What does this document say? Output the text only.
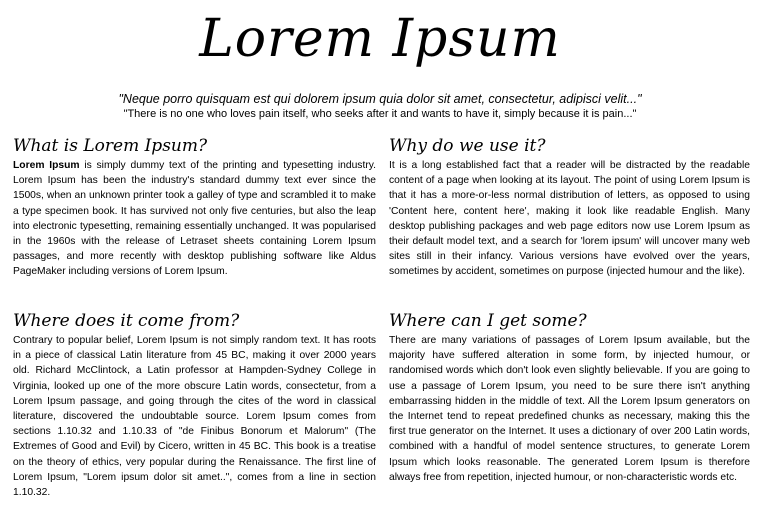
Lorem Ipsum

"Neque porro quisquam est qui dolorem ipsum quia dolor sit amet, consectetur, adipisci velit..."

"There is no one who loves pain itself, who seeks after it and wants to have it, simply because it is pain..."

What is Lorem Ipsum?

Lorem Ipsum is simply dummy text of the printing and typesetting industry. Lorem Ipsum has been the industry's standard dummy text ever since the 1500s, when an unknown printer took a galley of type and scrambled it to make a type specimen book. It has survived not only five centuries, but also the leap into electronic typesetting, remaining essentially unchanged. It was popularised in the 1960s with the release of Letraset sheets containing Lorem Ipsum passages, and more recently with desktop publishing software like Aldus PageMaker including versions of Lorem Ipsum.

Why do we use it?

It is a long established fact that a reader will be distracted by the readable content of a page when looking at its layout. The point of using Lorem Ipsum is that it has a more-or-less normal distribution of letters, as opposed to using 'Content here, content here', making it look like readable English. Many desktop publishing packages and web page editors now use Lorem Ipsum as their default model text, and a search for 'lorem ipsum' will uncover many web sites still in their infancy. Various versions have evolved over the years, sometimes by accident, sometimes on purpose (injected humour and the like).

Where does it come from?

Contrary to popular belief, Lorem Ipsum is not simply random text. It has roots in a piece of classical Latin literature from 45 BC, making it over 2000 years old. Richard McClintock, a Latin professor at Hampden-Sydney College in Virginia, looked up one of the more obscure Latin words, consectetur, from a Lorem Ipsum passage, and going through the cites of the word in classical literature, discovered the undoubtable source. Lorem Ipsum comes from sections 1.10.32 and 1.10.33 of "de Finibus Bonorum et Malorum" (The Extremes of Good and Evil) by Cicero, written in 45 BC. This book is a treatise on the theory of ethics, very popular during the Renaissance. The first line of Lorem Ipsum, "Lorem ipsum dolor sit amet..", comes from a line in section 1.10.32.

Where can I get some?

There are many variations of passages of Lorem Ipsum available, but the majority have suffered alteration in some form, by injected humour, or randomised words which don't look even slightly believable. If you are going to use a passage of Lorem Ipsum, you need to be sure there isn't anything embarrassing hidden in the middle of text. All the Lorem Ipsum generators on the Internet tend to repeat predefined chunks as necessary, making this the first true generator on the Internet. It uses a dictionary of over 200 Latin words, combined with a handful of model sentence structures, to generate Lorem Ipsum which looks reasonable. The generated Lorem Ipsum is therefore always free from repetition, injected humour, or non-characteristic words etc.
